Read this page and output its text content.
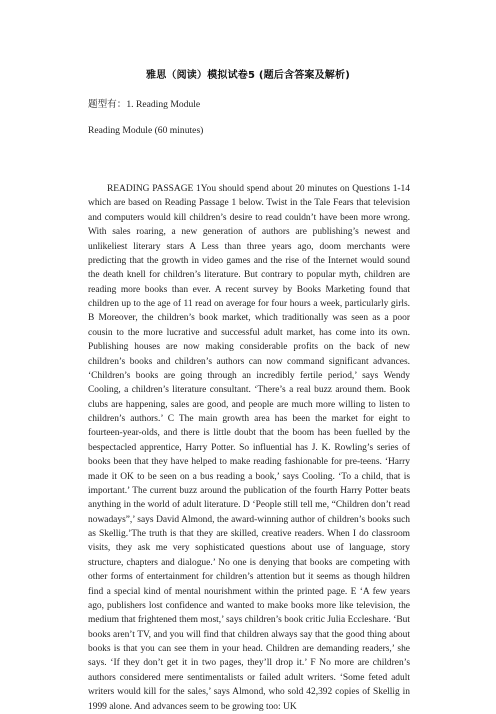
雅思（阅读）模拟试卷5 (题后含答案及解析)
题型有：1. Reading Module
Reading Module (60 minutes)
READING PASSAGE 1You should spend about 20 minutes on Questions 1-14 which are based on Reading Passage 1 below. Twist in the Tale Fears that television and computers would kill children’s desire to read couldn’t have been more wrong. With sales roaring, a new generation of authors are publishing’s newest and unlikeliest literary stars A Less than three years ago, doom merchants were predicting that the growth in video games and the rise of the Internet would sound the death knell for children’s literature. But contrary to popular myth, children are reading more books than ever. A recent survey by Books Marketing found that children up to the age of 11 read on average for four hours a week, particularly girls. B Moreover, the children’s book market, which traditionally was seen as a poor cousin to the more lucrative and successful adult market, has come into its own. Publishing houses are now making considerable profits on the back of new children’s books and children’s authors can now command significant advances. ‘Children’s books are going through an incredibly fertile period,’ says Wendy Cooling, a children’s literature consultant. ‘There’s a real buzz around them. Book clubs are happening, sales are good, and people are much more willing to listen to children’s authors.’ C The main growth area has been the market for eight to fourteen-year-olds, and there is little doubt that the boom has been fuelled by the bespectacled apprentice, Harry Potter. So influential has J. K. Rowling’s series of books been that they have helped to make reading fashionable for pre-teens. ‘Harry made it OK to be seen on a bus reading a book,’ says Cooling. ‘To a child, that is important.’ The current buzz around the publication of the fourth Harry Potter beats anything in the world of adult literature. D ‘People still tell me, “Children don’t read nowadays”,’ says David Almond, the award-winning author of children’s books such as Skellig.’The truth is that they are skilled, creative readers. When I do classroom visits, they ask me very sophisticated questions about use of language, story structure, chapters and dialogue.’ No one is denying that books are competing with other forms of entertainment for children’s attention but it seems as though hildren find a special kind of mental nourishment within the printed page. E ‘A few years ago, publishers lost confidence and wanted to make books more like television, the medium that frightened them most,’ says children’s book critic Julia Eccleshare. ‘But books aren’t TV, and you will find that children always say that the good thing about books is that you can see them in your head. Children are demanding readers,’ she says. ‘If they don’t get it in two pages, they’ll drop it.’ F No more are children’s authors considered mere sentimentalists or failed adult writers. ‘Some feted adult writers would kill for the sales,’ says Almond, who sold 42,392 copies of Skellig in 1999 alone. And advances seem to be growing too: UK
